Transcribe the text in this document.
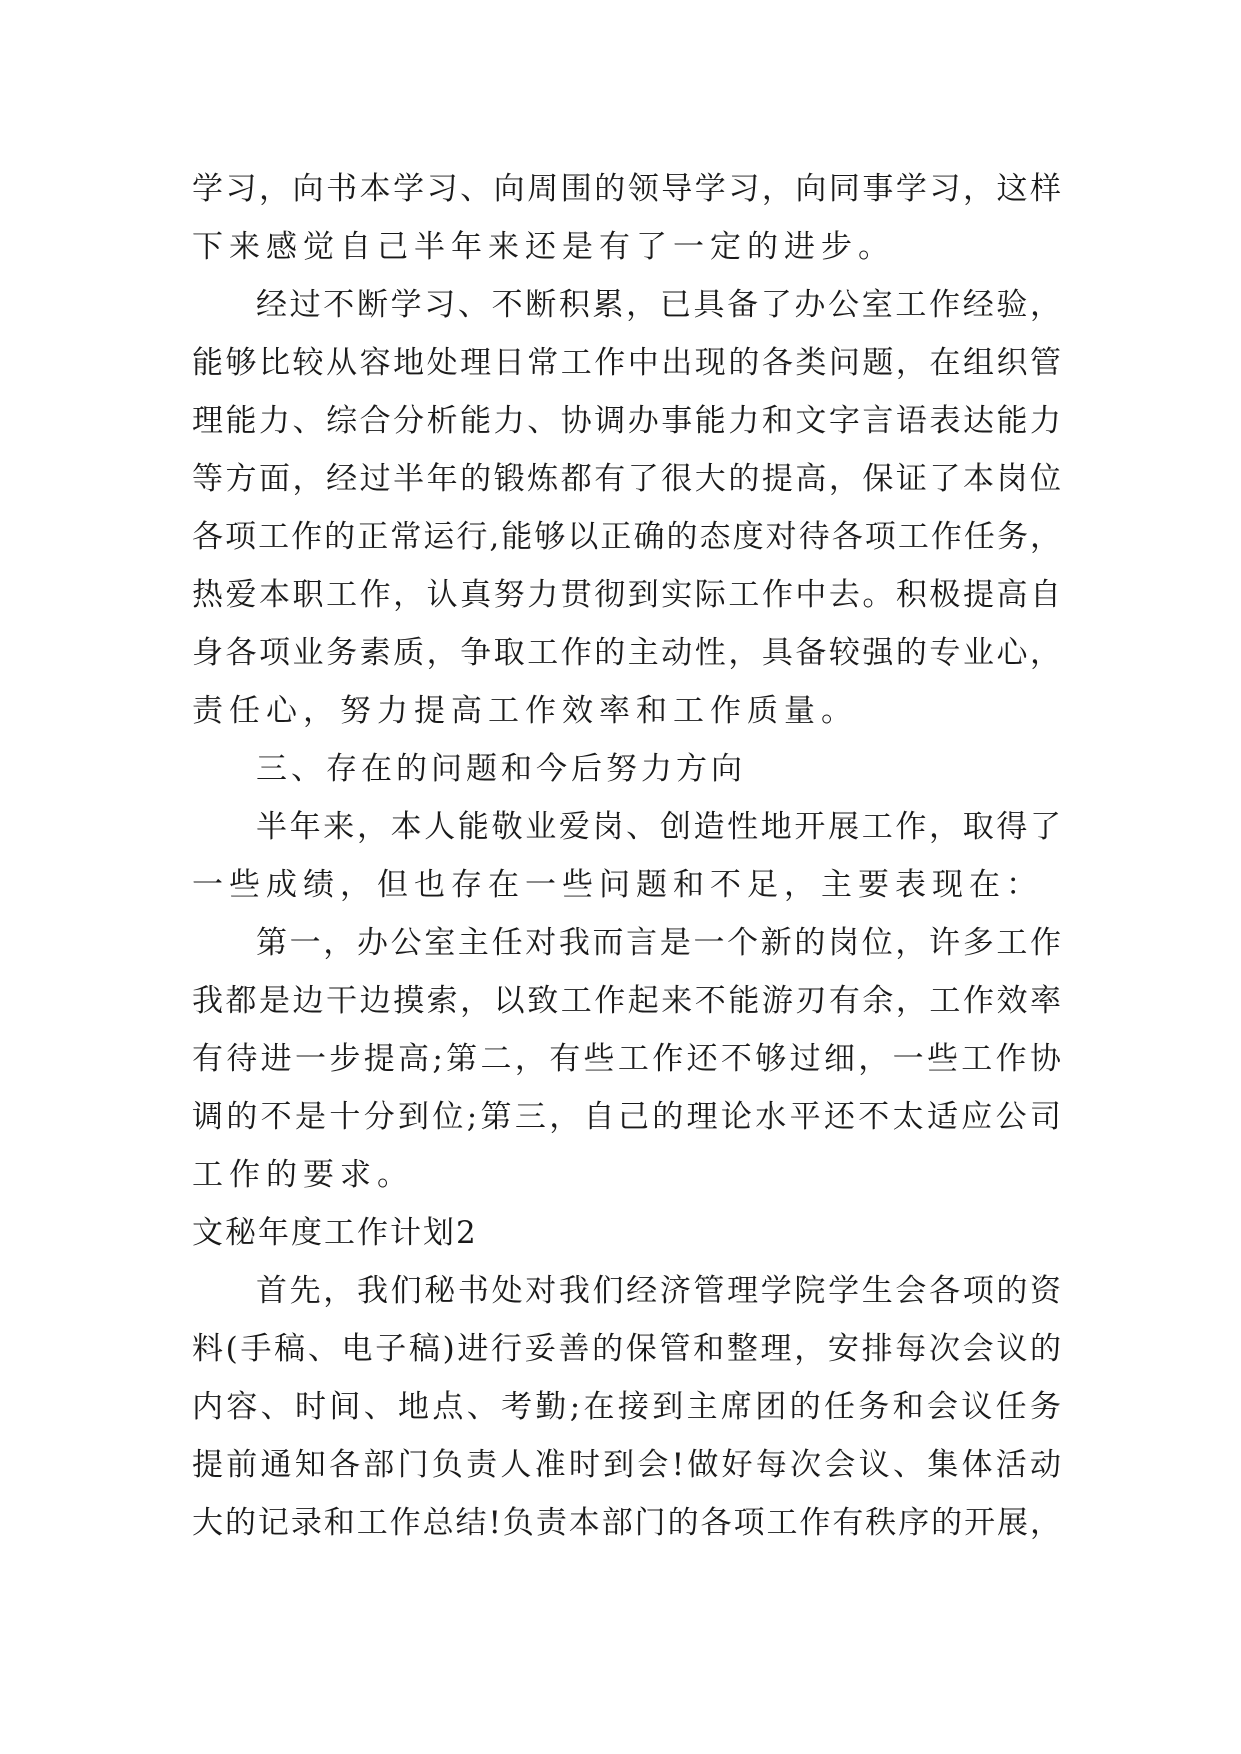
学习，向书本学习、向周围的领导学习，向同事学习，这样
下来感觉自己半年来还是有了一定的进步。
经过不断学习、不断积累，已具备了办公室工作经验，
能够比较从容地处理日常工作中出现的各类问题，在组织管
理能力、综合分析能力、协调办事能力和文字言语表达能力
等方面，经过半年的锻炼都有了很大的提高，保证了本岗位
各项工作的正常运行,能够以正确的态度对待各项工作任务，
热爱本职工作，认真努力贯彻到实际工作中去。积极提高自
身各项业务素质，争取工作的主动性，具备较强的专业心，
责任心，努力提高工作效率和工作质量。
三、存在的问题和今后努力方向
半年来，本人能敬业爱岗、创造性地开展工作，取得了
一些成绩，但也存在一些问题和不足，主要表现在：
第一，办公室主任对我而言是一个新的岗位，许多工作
我都是边干边摸索，以致工作起来不能游刃有余，工作效率
有待进一步提高;第二，有些工作还不够过细，一些工作协
调的不是十分到位;第三，自己的理论水平还不太适应公司
工作的要求。
文秘年度工作计划2
首先，我们秘书处对我们经济管理学院学生会各项的资
料(手稿、电子稿)进行妥善的保管和整理，安排每次会议的
内容、时间、地点、考勤;在接到主席团的任务和会议任务
提前通知各部门负责人准时到会!做好每次会议、集体活动
大的记录和工作总结!负责本部门的各项工作有秩序的开展，
